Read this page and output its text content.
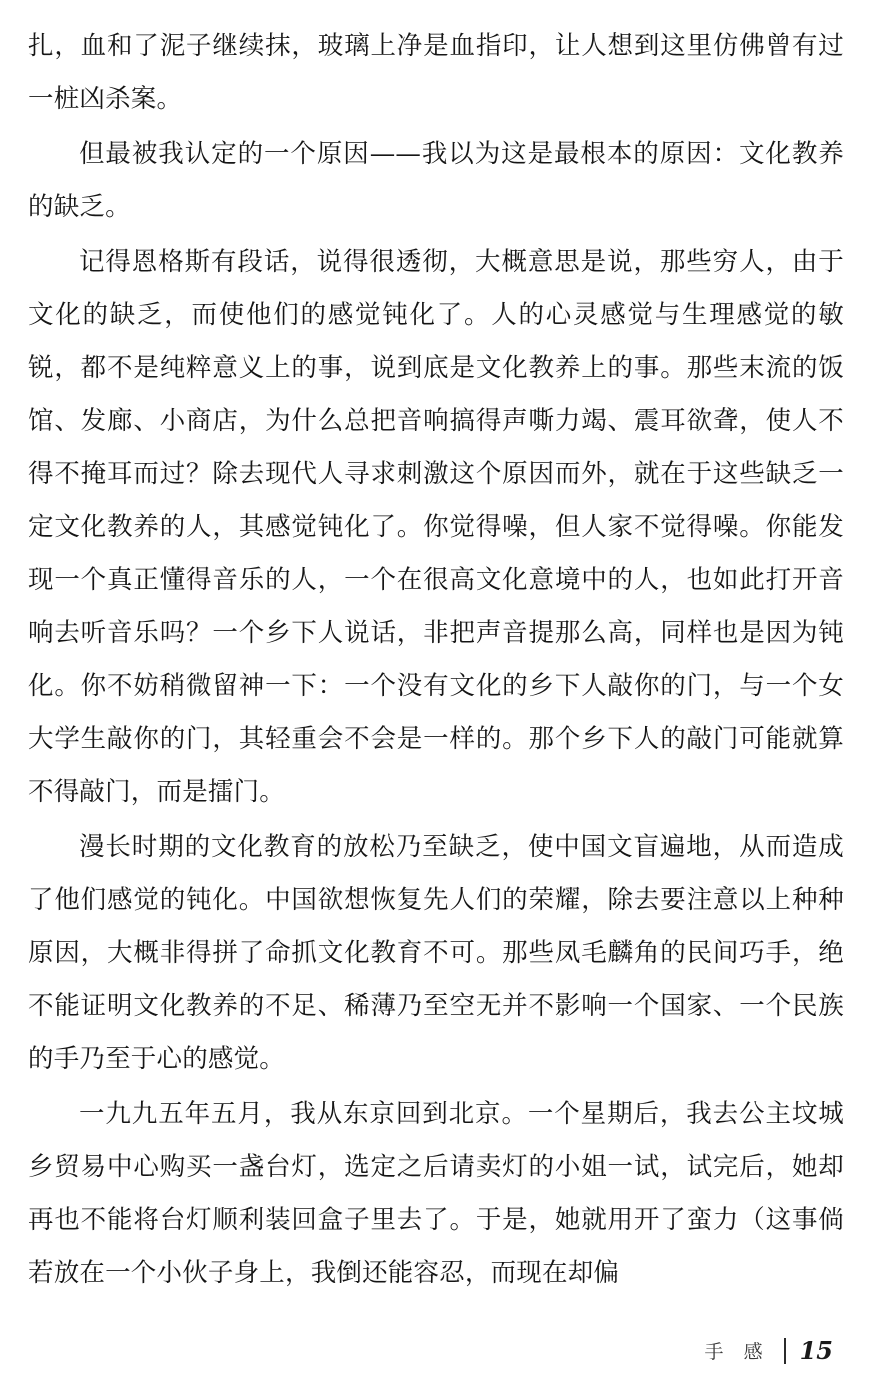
扎，血和了泥子继续抹，玻璃上净是血指印，让人想到这里仿佛曾有过一桩凶杀案。

但最被我认定的一个原因——我以为这是最根本的原因：文化教养的缺乏。

记得恩格斯有段话，说得很透彻，大概意思是说，那些穷人，由于文化的缺乏，而使他们的感觉钝化了。人的心灵感觉与生理感觉的敏锐，都不是纯粹意义上的事，说到底是文化教养上的事。那些末流的饭馆、发廊、小商店，为什么总把音响搞得声嘶力竭、震耳欲聋，使人不得不掩耳而过？除去现代人寻求刺激这个原因而外，就在于这些缺乏一定文化教养的人，其感觉钝化了。你觉得噪，但人家不觉得噪。你能发现一个真正懂得音乐的人，一个在很高文化意境中的人，也如此打开音响去听音乐吗？一个乡下人说话，非把声音提那么高，同样也是因为钝化。你不妨稍微留神一下：一个没有文化的乡下人敲你的门，与一个女大学生敲你的门，其轻重会不会是一样的。那个乡下人的敲门可能就算不得敲门，而是擂门。

漫长时期的文化教育的放松乃至缺乏，使中国文盲遍地，从而造成了他们感觉的钝化。中国欲想恢复先人们的荣耀，除去要注意以上种种原因，大概非得拼了命抓文化教育不可。那些凤毛麟角的民间巧手，绝不能证明文化教养的不足、稀薄乃至空无并不影响一个国家、一个民族的手乃至于心的感觉。

一九九五年五月，我从东京回到北京。一个星期后，我去公主坟城乡贸易中心购买一盏台灯，选定之后请卖灯的小姐一试，试完后，她却再也不能将台灯顺利装回盒子里去了。于是，她就用开了蛮力（这事倘若放在一个小伙子身上，我倒还能容忍，而现在却偏

手 感 15
